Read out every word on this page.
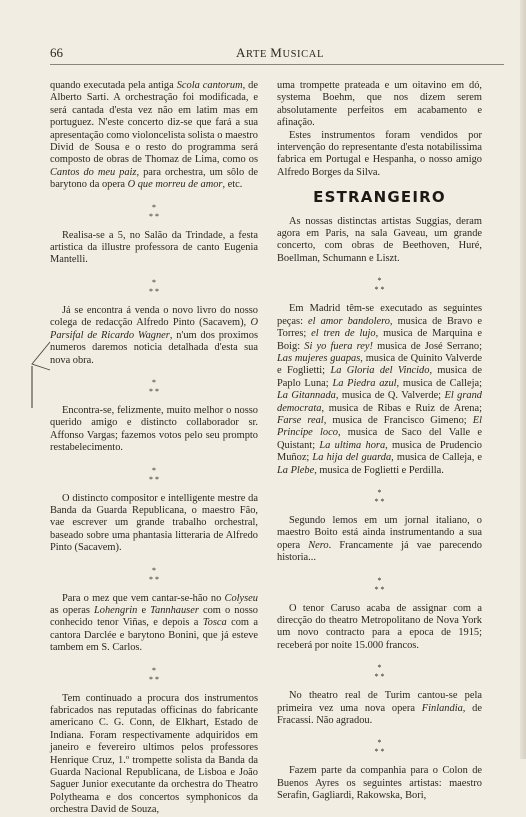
66	ARTE MUSICAL

quando executada pela antiga Scola cantorum, de Alberto Sarti. A orchestração foi modificada, e será cantada d'esta vez não em latim mas em portuguez. N'este concerto diz-se que fará a sua apresentação como violoncelista solista o maestro Divid de Sousa e o resto do programma será composto de obras de Thomaz de Lima, como os Cantos do meu paiz, para orchestra, um sôlo de barytono da opera O que morreu de amor, etc.

*
* *

Realisa-se a 5, no Salão da Trindade, a festa artistica da illustre professora de canto Eugenia Mantelli.

*
* *

Já se encontra á venda o novo livro do nosso colega de redacção Alfredo Pinto (Sacavem), O Parsifal de Ricardo Wagner, n'um dos proximos numeros daremos noticia detalhada d'esta sua nova obra.

*
* *

Encontra-se, felizmente, muito melhor o nosso querido amigo e distincto collaborador sr. Affonso Vargas; fazemos votos pelo seu prompto restabelecimento.

*
* *

O distincto compositor e intelligente mestre da Banda da Guarda Republicana, o maestro Fão, vae escrever um grande trabalho orchestral, baseado sobre uma phantasia litteraria de Alfredo Pinto (Sacavem).

*
* *

Para o mez que vem cantar-se-hão no Colyseu as operas Lohengrin e Tannhauser com o nosso conhecido tenor Viñas, e depois a Tosca com a cantora Darclée e barytono Bonini, que já esteve tambem em S. Carlos.

*
* *

Tem continuado a procura dos instrumentos fabricados nas reputadas officinas do fabricante americano C. G. Conn, de Elkhart, Estado de Indiana. Foram respectivamente adquiridos em janeiro e fevereiro ultimos pelos professores Henrique Cruz, 1.º trompette solista da Banda da Guarda Nacional Republicana, de Lisboa e João Saguer Junior executante da orchestra do Theatro Polytheama e dos concertos symphonicos da orchestra David de Souza,

uma trompette prateada e um oitavino em dó, systema Boehm, que nos dizem serem absolutamente perfeitos em acabamento e afinação.

Estes instrumentos foram vendidos por intervenção do representante d'esta notabilissima fabrica em Portugal e Hespanha, o nosso amigo Alfredo Borges da Silva.

ESTRANGEIRO

As nossas distinctas artistas Suggias, deram agora em Paris, na sala Gaveau, um grande concerto, com obras de Beethoven, Huré, Boellman, Schumann e Liszt.

*
* *

Em Madrid têm-se executado as seguintes peças: el amor bandolero, musica de Bravo e Torres; el tren de lujo, musica de Marquina e Boig: Si yo fuera rey! musica de José Serrano; Las mujeres guapas, musica de Quinito Valverde e Foglietti; La Gloria del Vincido, musica de Paplo Luna; La Piedra azul, musica de Calleja; La Gitannada, musica de Q. Valverde; El grand democrata, musica de Ribas e Ruiz de Arena; Farse real, musica de Francisco Gimeno; El Principe loco, musica de Saco del Valle e Quistant; La ultima hora, musica de Prudencio Muñoz; La hija del guarda, musica de Calleja, e La Plebe, musica de Foglietti e Perdilla.

*
* *

Segundo lemos em um jornal italiano, o maestro Boito está ainda instrumentando a sua opera Nero. Francamente já vae parecendo historia...

*
* *

O tenor Caruso acaba de assignar com a direcção do theatro Metropolitano de Nova York um novo contracto para a epoca de 1915; receberá por noite 15.000 francos.

*
* *

No theatro real de Turim cantou-se pela primeira vez uma nova opera Finlandia, de Fracassi. Não agradou.

*
* *

Fazem parte da companhia para o Colon de Buenos Ayres os seguintes artistas: maestro Serafin, Gagliardi, Rakowska, Bori,
